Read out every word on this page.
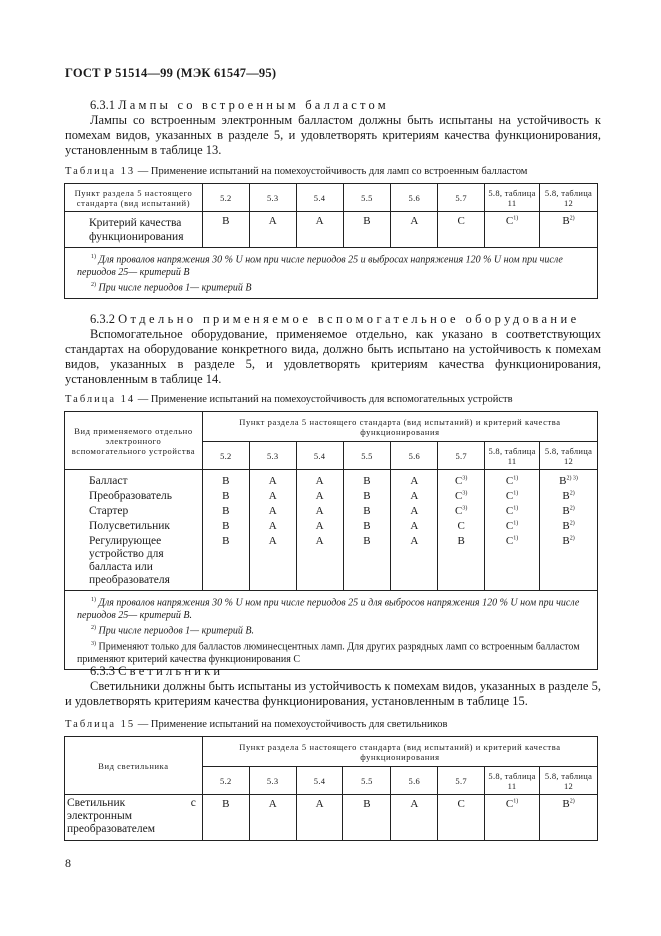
ГОСТ Р 51514—99 (МЭК 61547—95)

6.3.1 Лампы со встроенным балластом

Лампы со встроенным электронным балластом должны быть испытаны на устойчивость к помехам видов, указанных в разделе 5, и удовлетворять критериям качества функционирования, установленным в таблице 13.

Таблица 13 — Применение испытаний на помехоустойчивость для ламп со встроенным балластом
Пункт раздела 5 настоящего стандарта (вид испытаний)	5.2	5.3	5.4	5.5	5.6	5.7	5.8, таблица 11	5.8, таблица 12
Критерий качества функционирования	B	A	A	B	A	C	$C^{1)}$	$B^{2)}$

$^{1)}$ Для провалов напряжения 30 % U ном при числе периодов 25 и выбросах напряжения 120 % U ном при числе периодов 25— критерий В
$^{2)}$ При числе периодов 1— критерий В								

6.3.2 Отдельно применяемое вспомогательное оборудование

Вспомогательное оборудование, применяемое отдельно, как указано в соответствующих стандартах на оборудование конкретного вида, должно быть испытано на устойчивость к помехам видов, указанных в разделе 5, и удовлетворять критериям качества функционирования, установленным в таблице 14.

Таблица 14 — Применение испытаний на помехоустойчивость для вспомогательных устройств
Вид применяемого отдельно электронного вспомогательного устройства	Пункт раздела 5 настоящего стандарта (вид испытаний) и критерий качества функционирования							
	5.2	5.3	5.4	5.5	5.6	5.7	5.8, таблица 11	5.8, таблица 12
Балласт	B	A	A	B	A	$C^{3)}$	$C^{1)}$	$B^{2) 3)}$
Преобразователь	B	A	A	B	A	$C^{3)}$	$C^{1)}$	$B^{2)}$
Стартер	B	A	A	B	A	$C^{3)}$	$C^{1)}$	$B^{2)}$
Полусветильник	B	A	A	B	A	C	$C^{1)}$	$B^{2)}$
Регулирующее устройство для балласта или преобразователя	B	A	A	B	A	B	$C^{1)}$	$B^{2)}$

$^{1)}$ Для провалов напряжения 30 % U ном при числе периодов 25 и для выбросов напряжения 120 % U ном при числе периодов 25— критерий В.
$^{2)}$ При числе периодов 1— критерий В.
$^{3)}$ Применяют только для балластов люминесцентных ламп. Для других разрядных ламп со встроенным балластом применяют критерий качества функционирования С								

6.3.3 Светильники

Светильники должны быть испытаны из устойчивость к помехам видов, указанных в разделе 5, и удовлетворять критериям качества функционирования, установленным в таблице 15.

Таблица 15 — Применение испытаний на помехоустойчивость для светильников
Вид светильника	Пункт раздела 5 настоящего стандарта (вид испытаний) и критерий качества функционирования							
	5.2	5.3	5.4	5.5	5.6	5.7	5.8, таблица 11	5.8, таблица 12
Светильник с электронным преобразователем	B	A	A	B	A	C	$C^{1)}$	$B^{2)}$
8
